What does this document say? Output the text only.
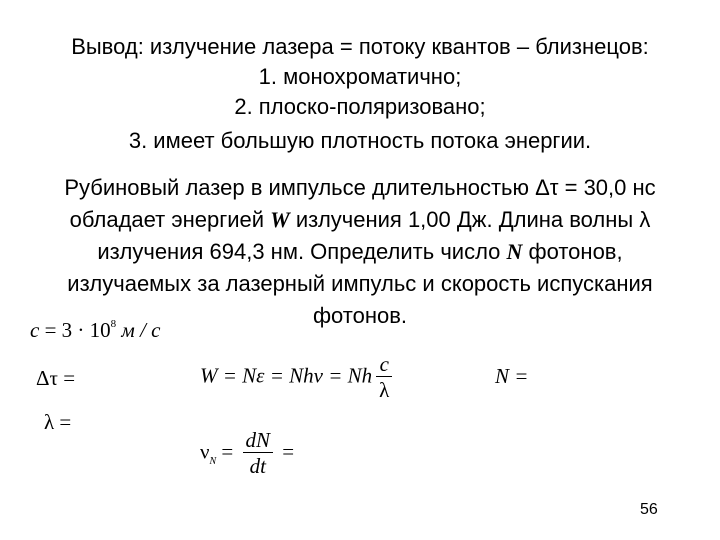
Вывод: излучение лазера = потоку квантов – близнецов:
1. монохроматично;
2. плоско-поляризовано;
3. имеет большую плотность потока энергии.
Рубиновый лазер в импульсе длительностью Δτ = 30,0 нс
обладает энергией W излучения 1,00 Дж. Длина волны λ
излучения 694,3 нм. Определить число N фотонов,
излучаемых за лазерный импульс и скорость испускания
фотонов.
$c = 3 \cdot 10^8$ м / с
Δτ =
λ =
W = Nε = Nhν = Nh $\frac{c}{\lambda}$	N =
$\nu_N = \frac{dN}{dt}$ =
56
